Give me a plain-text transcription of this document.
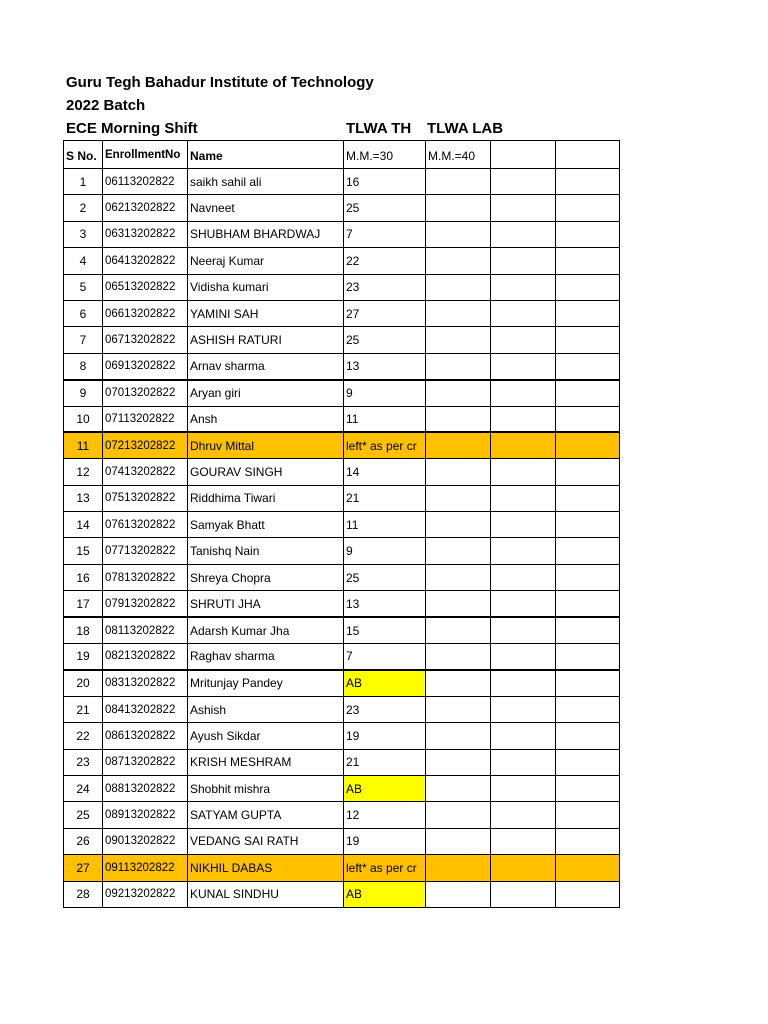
Guru Tegh Bahadur Institute of Technology
2022 Batch
ECE Morning Shift	TLWA TH TLWA LAB
S No.	EnrollmentNo	Name	M.M.=30	M.M.=40		
1	06113202822	saikh sahil ali	16			
2	06213202822	Navneet	25			
3	06313202822	SHUBHAM BHARDWAJ	7			
4	06413202822	Neeraj Kumar	22			
5	06513202822	Vidisha kumari	23			
6	06613202822	YAMINI SAH	27			
7	06713202822	ASHISH RATURI	25			
8	06913202822	Arnav sharma	13			
9	07013202822	Aryan giri	9			
10	07113202822	Ansh	11			
11	07213202822	Dhruv Mittal	left* as per cr			
12	07413202822	GOURAV SINGH	14			
13	07513202822	Riddhima Tiwari	21			
14	07613202822	Samyak Bhatt	11			
15	07713202822	Tanishq Nain	9			
16	07813202822	Shreya Chopra	25			
17	07913202822	SHRUTI JHA	13			
18	08113202822	Adarsh Kumar Jha	15			
19	08213202822	Raghav sharma	7			
20	08313202822	Mritunjay Pandey	AB			
21	08413202822	Ashish	23			
22	08613202822	Ayush Sikdar	19			
23	08713202822	KRISH MESHRAM	21			
24	08813202822	Shobhit mishra	AB			
25	08913202822	SATYAM GUPTA	12			
26	09013202822	VEDANG SAI RATH	19			
27	09113202822	NIKHIL DABAS	left* as per cr			
28	09213202822	KUNAL SINDHU	AB			
